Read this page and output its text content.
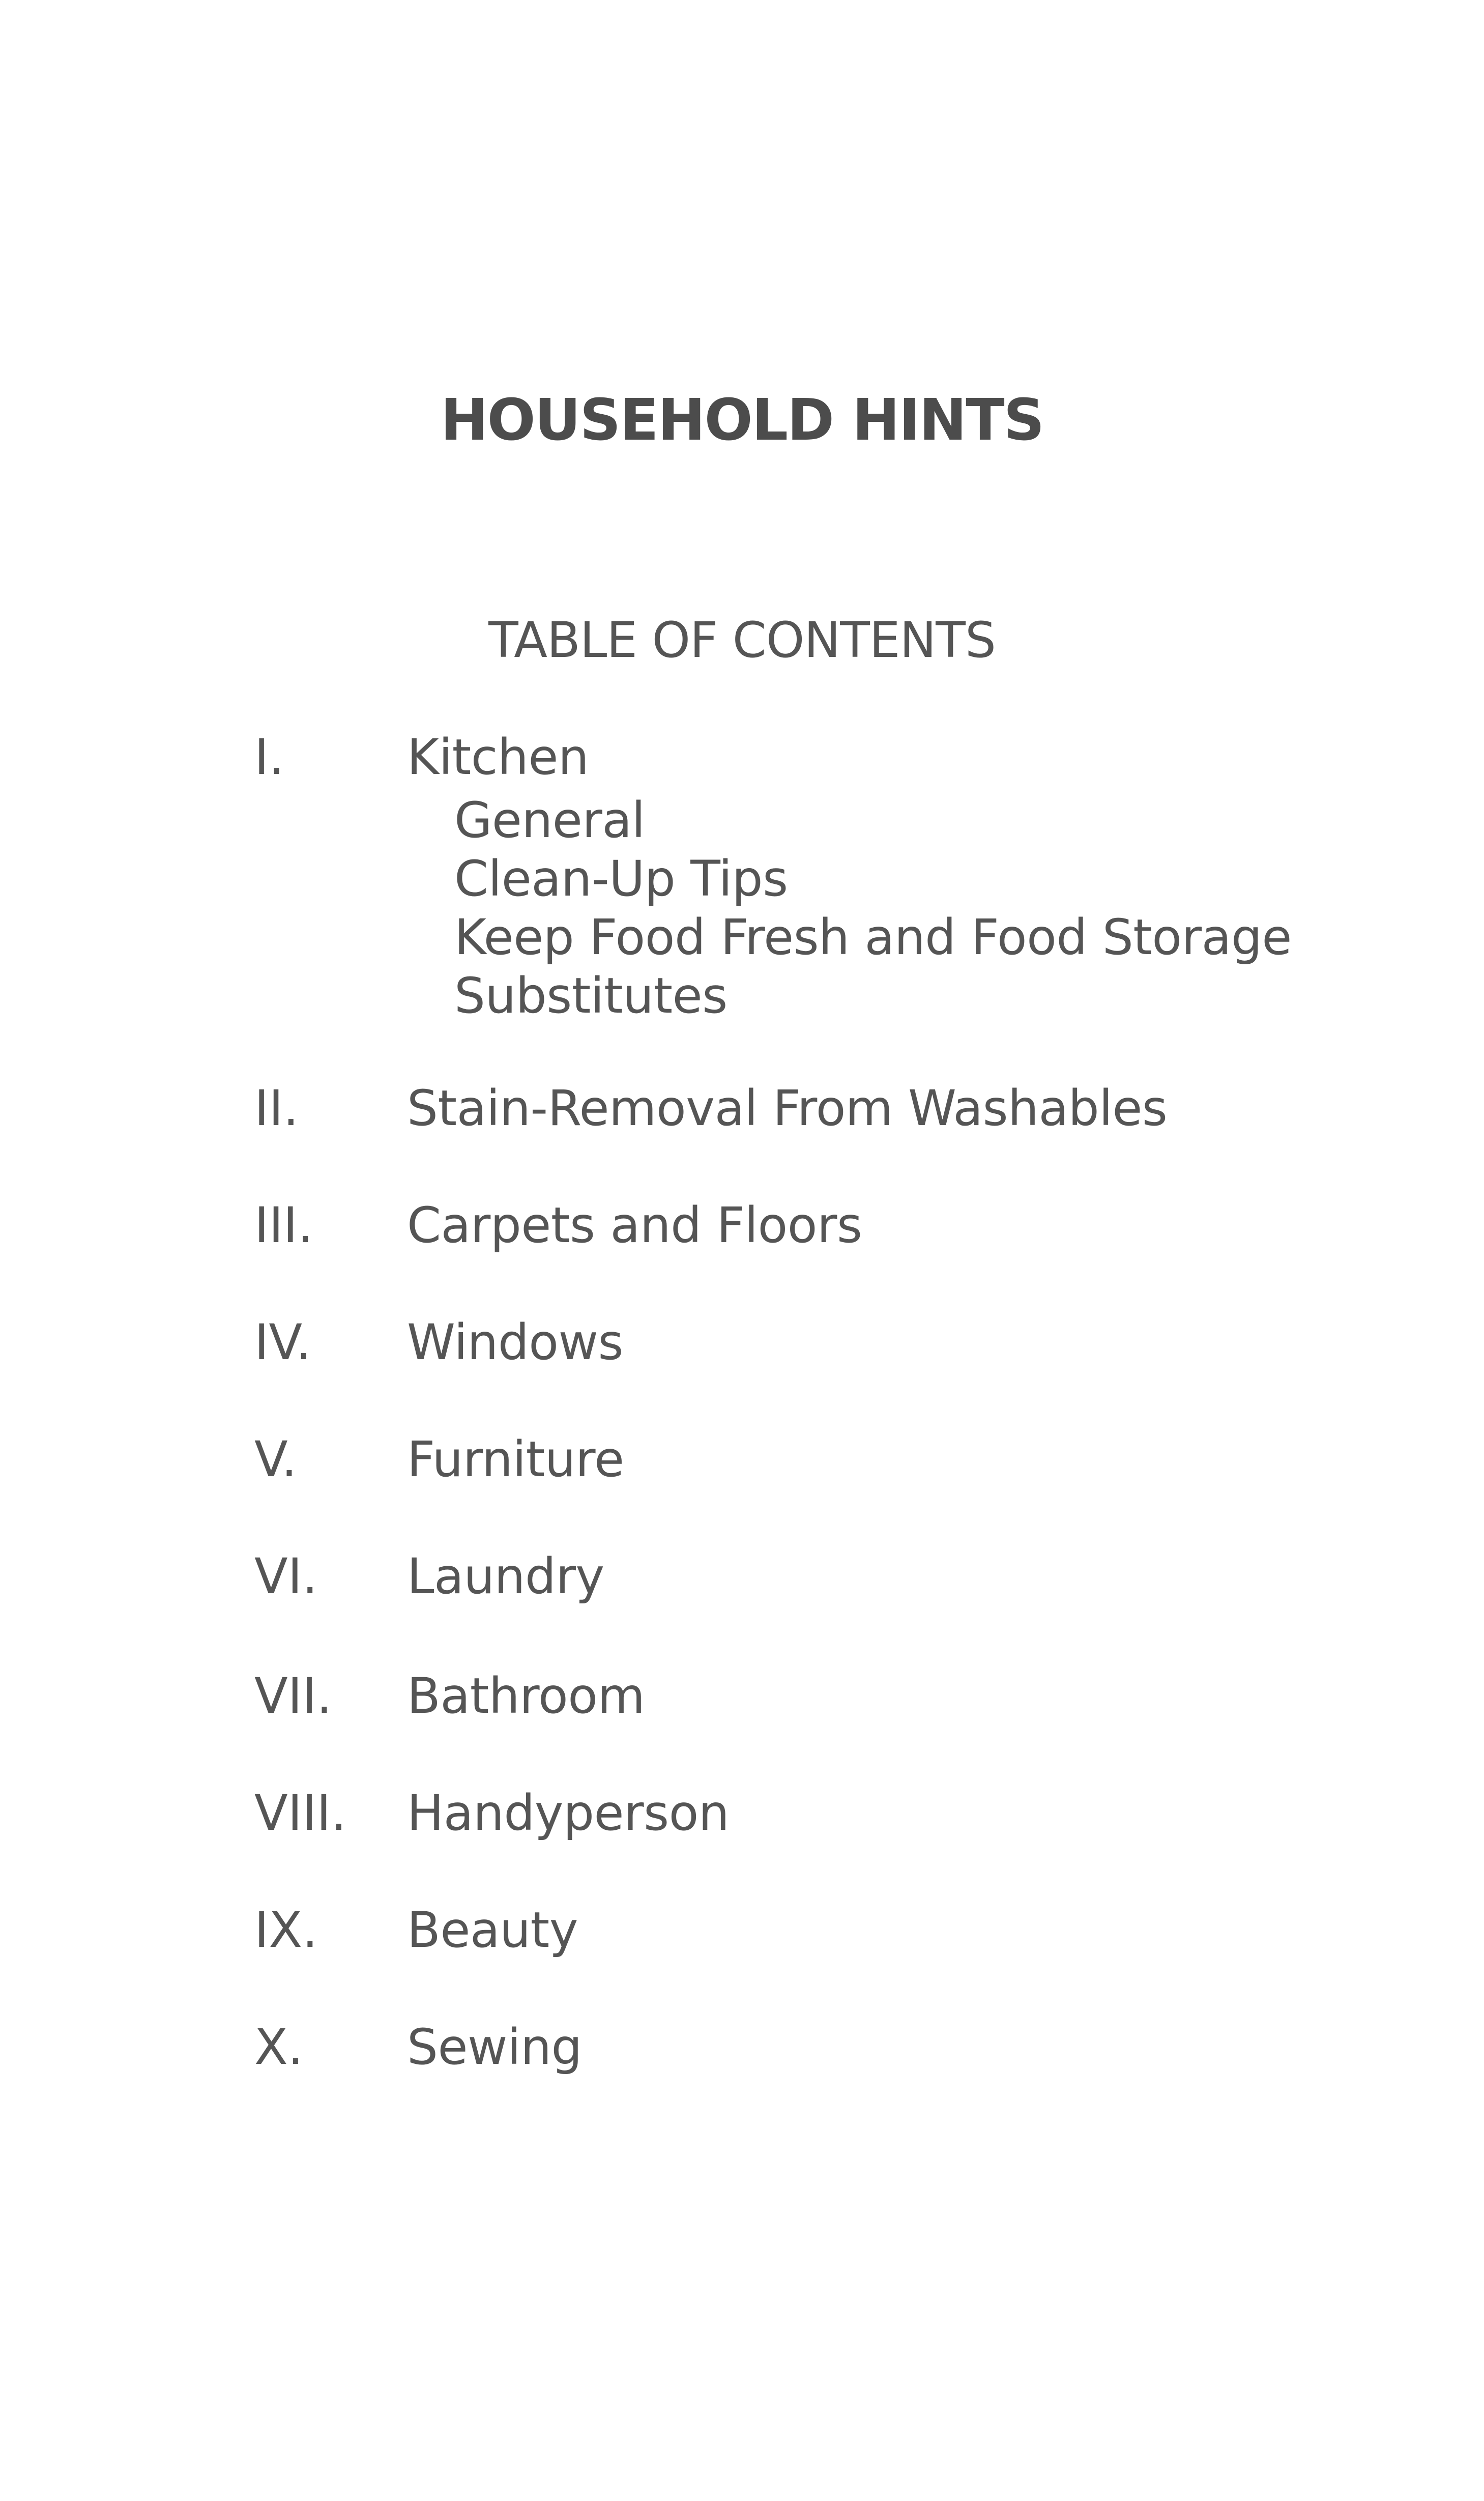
HOUSEHOLD HINTS
TABLE OF CONTENTS
I.	Kitchen
General
Clean-Up Tips
Keep Food Fresh and Food Storage
Substitutes
II. Stain-Removal From Washables
III. Carpets and Floors
IV. Windows
V. Furniture
VI. Laundry
VII. Bathroom
VIII. Handyperson
IX. Beauty
X. Sewing
